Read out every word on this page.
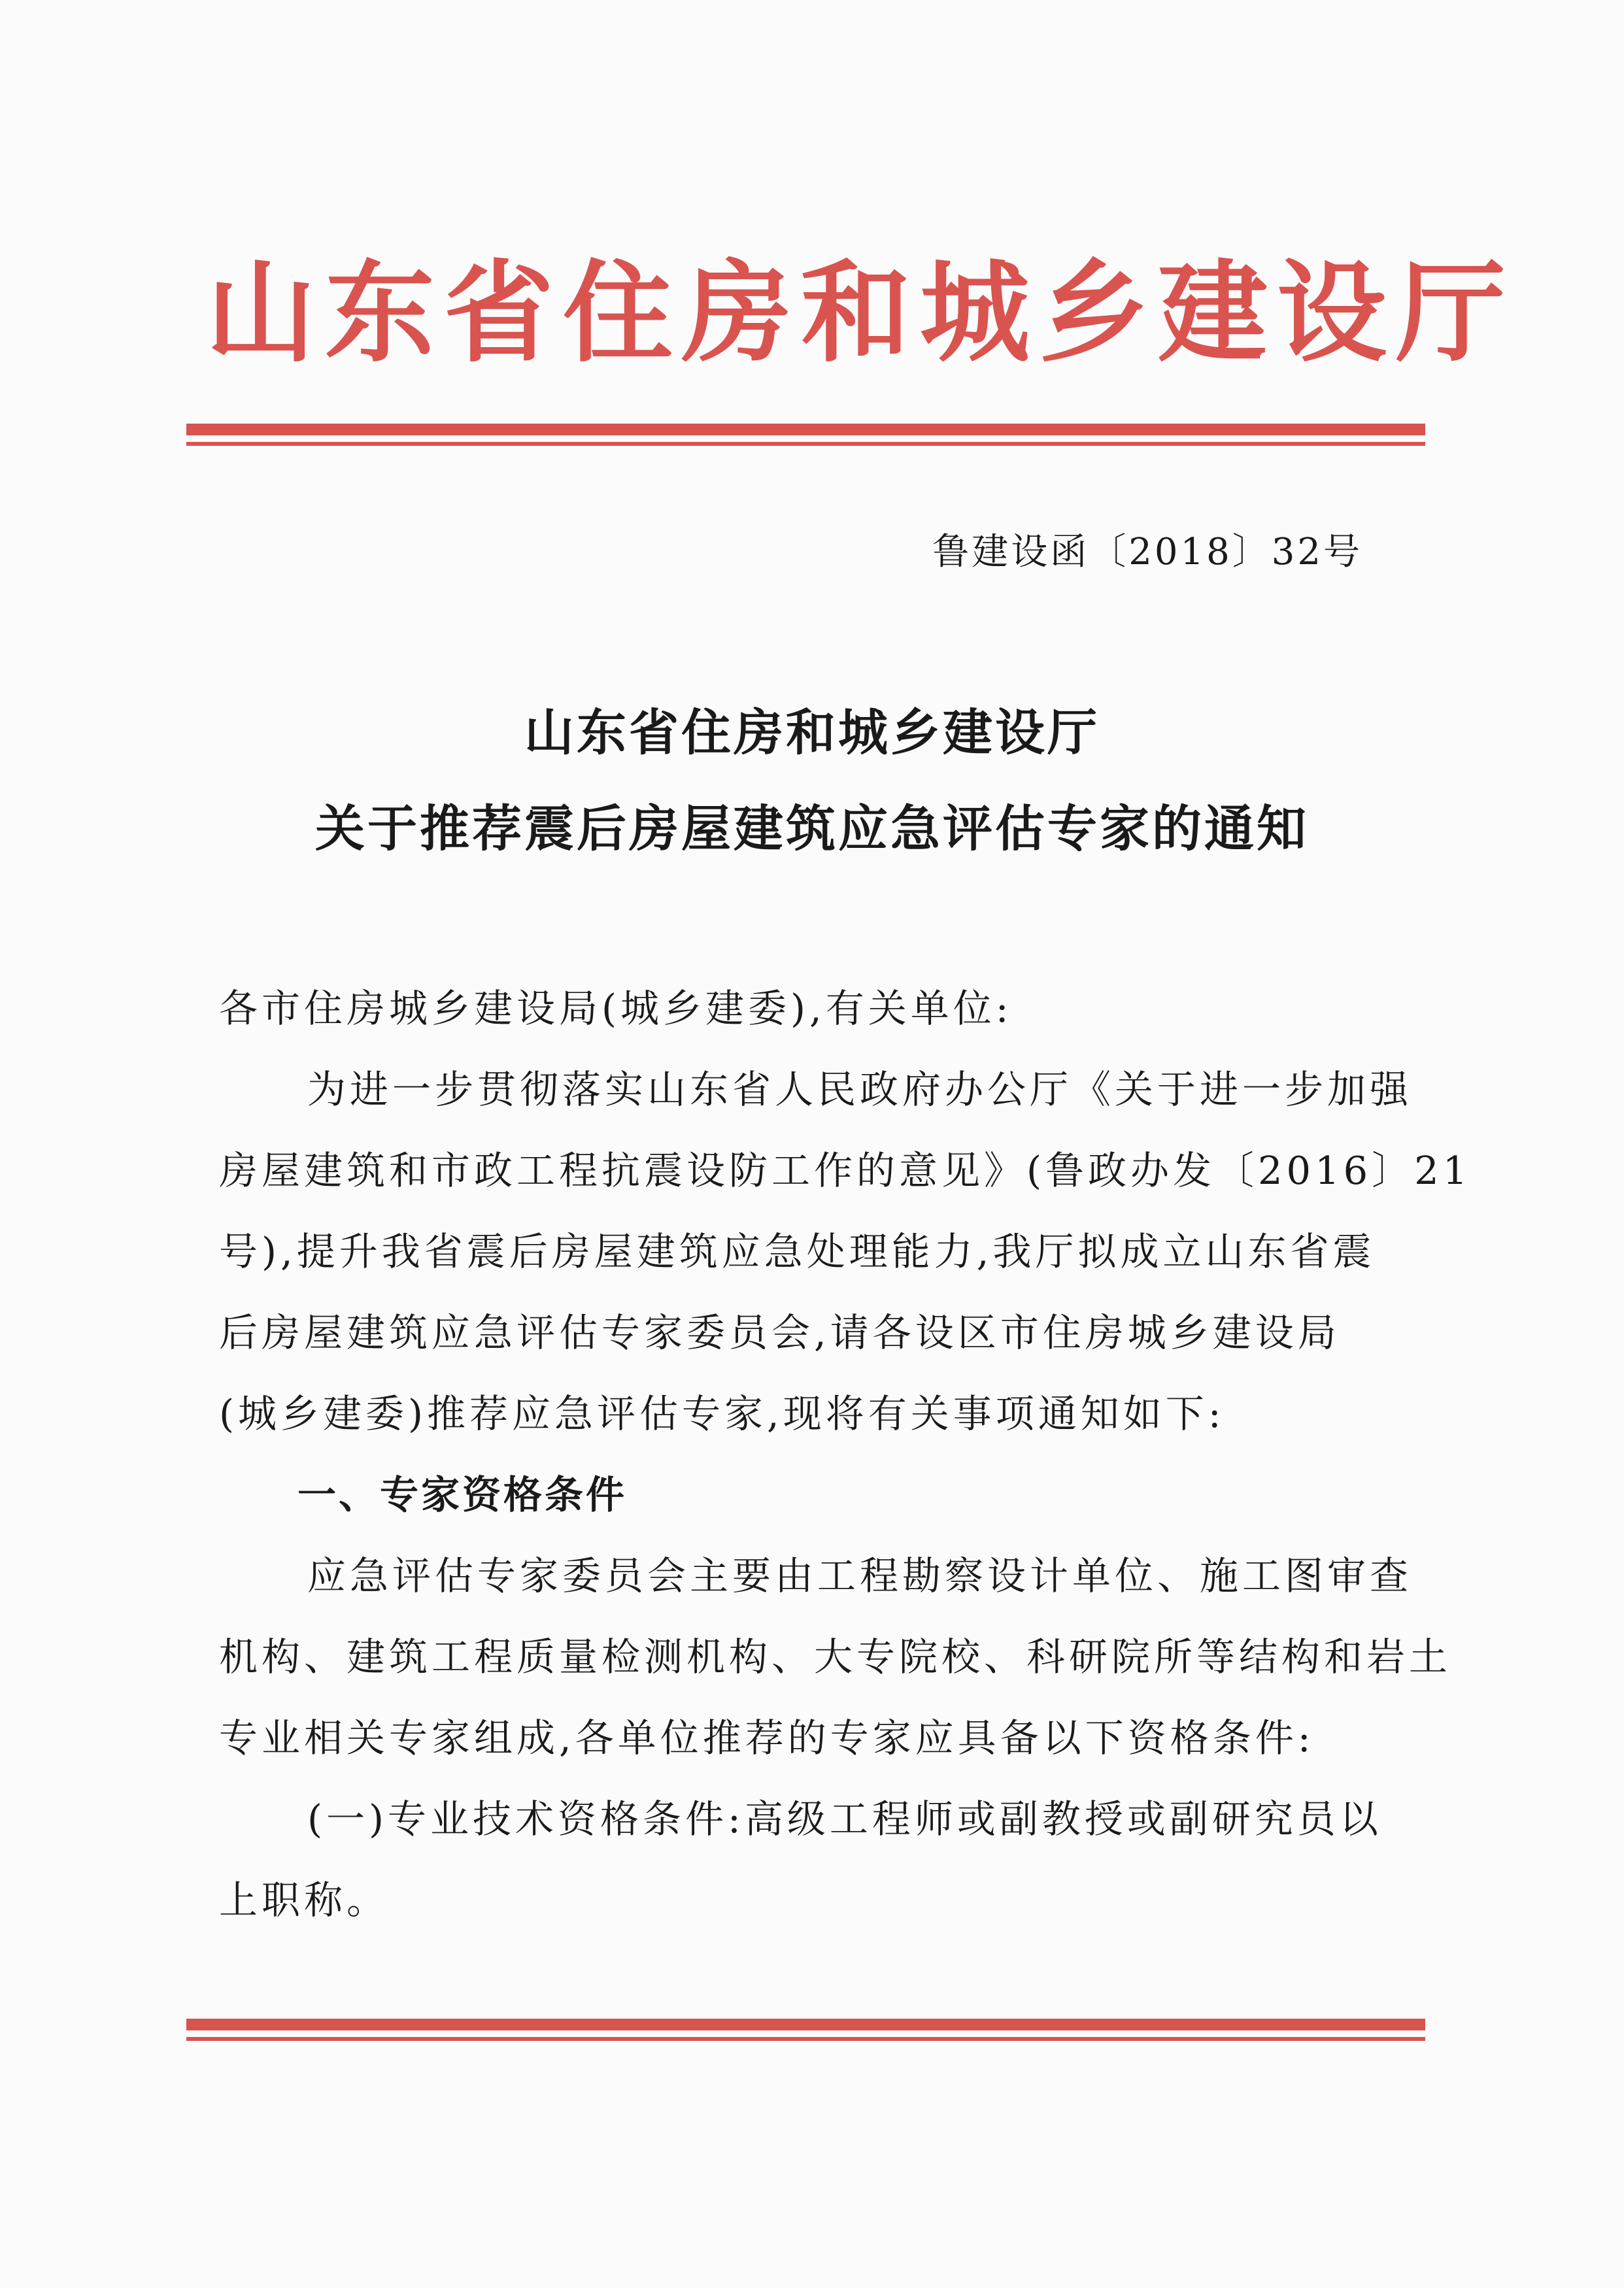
山东省住房和城乡建设厅
鲁建设函〔2018〕32号
山东省住房和城乡建设厅
关于推荐震后房屋建筑应急评估专家的通知
各市住房城乡建设局(城乡建委),有关单位:
为进一步贯彻落实山东省人民政府办公厅《关于进一步加强
房屋建筑和市政工程抗震设防工作的意见》(鲁政办发〔2016〕21
号),提升我省震后房屋建筑应急处理能力,我厅拟成立山东省震
后房屋建筑应急评估专家委员会,请各设区市住房城乡建设局
(城乡建委)推荐应急评估专家,现将有关事项通知如下:
一、专家资格条件
应急评估专家委员会主要由工程勘察设计单位、施工图审查
机构、建筑工程质量检测机构、大专院校、科研院所等结构和岩土
专业相关专家组成,各单位推荐的专家应具备以下资格条件:
(一)专业技术资格条件:高级工程师或副教授或副研究员以
上职称。
